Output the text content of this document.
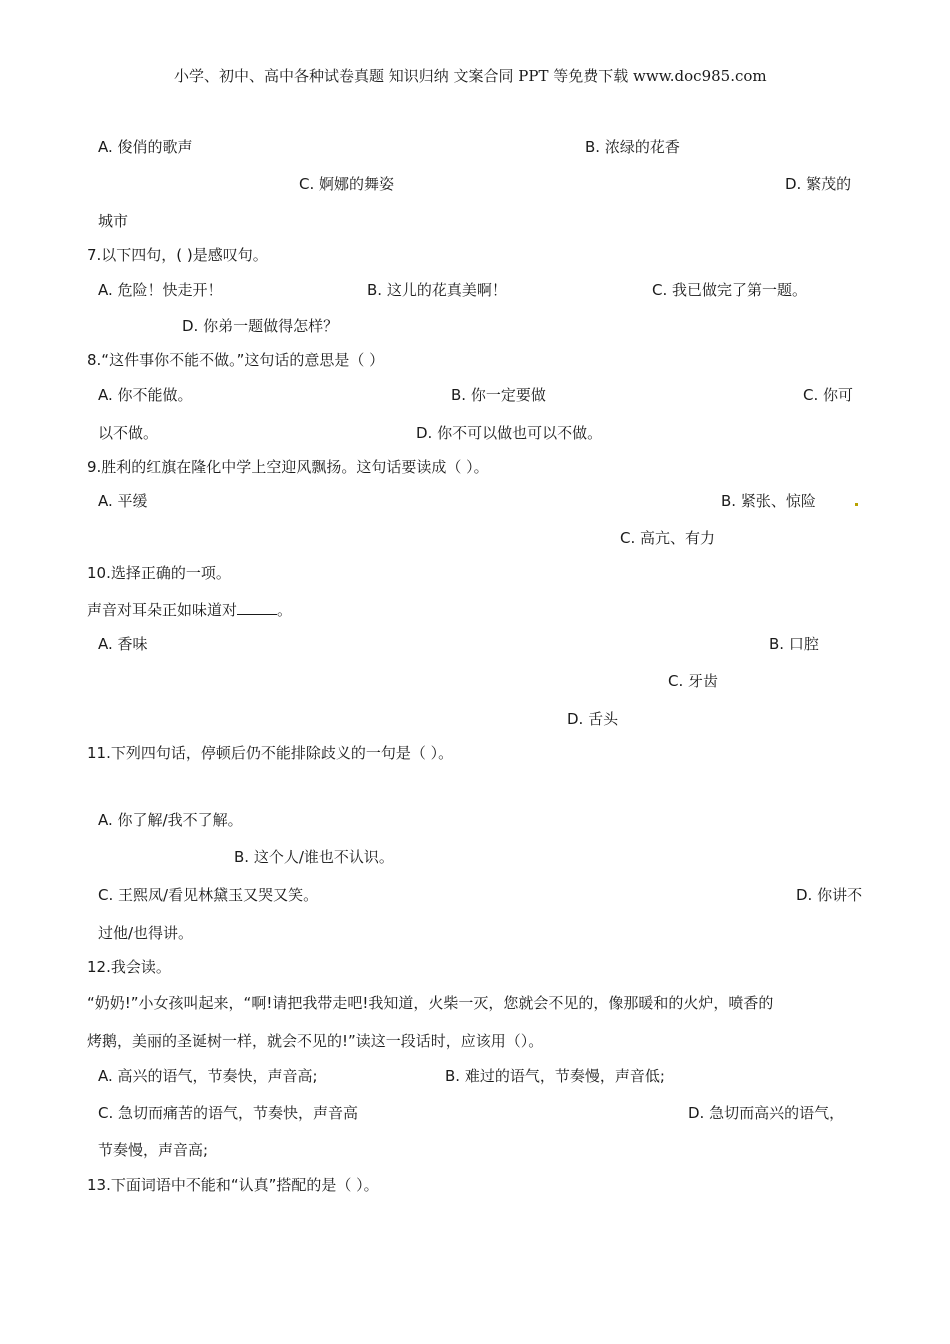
小学、初中、高中各种试卷真题 知识归纳 文案合同 PPT 等免费下载 www.doc985.com
A. 俊俏的歌声	B. 浓绿的花香
C. 婀娜的舞姿	D. 繁茂的
城市
7.以下四句，( )是感叹句。
A. 危险！快走开！	B. 这儿的花真美啊！	C. 我已做完了第一题。
D. 你弟一题做得怎样？
8.“这件事你不能不做。”这句话的意思是（ ）
A. 你不能做。	B. 你一定要做	C. 你可
以不做。	D. 你不可以做也可以不做。
9.胜利的红旗在隆化中学上空迎风飘扬。这句话要读成（ ）。
A. 平缓	B. 紧张、惊险
C. 高亢、有力
10.选择正确的一项。
声音对耳朵正如味道对	。
A. 香味	B. 口腔
C. 牙齿
D. 舌头
11.下列四句话，停顿后仍不能排除歧义的一句是（ ）。
A. 你了解/我不了解。
B. 这个人/谁也不认识。
C. 王熙凤/看见林黛玉又哭又笑。	D. 你讲不
过他/也得讲。
12.我会读。
“奶奶!”小女孩叫起来，“啊!请把我带走吧!我知道，火柴一灭，您就会不见的，像那暖和的火炉，喷香的
烤鹅，美丽的圣诞树一样，就会不见的!”读这一段话时，应该用（）。
A. 高兴的语气，节奏快，声音高;	B. 难过的语气，节奏慢，声音低;
C. 急切而痛苦的语气，节奏快，声音高	D. 急切而高兴的语气，
节奏慢，声音高;
13.下面词语中不能和“认真”搭配的是（ ）。
